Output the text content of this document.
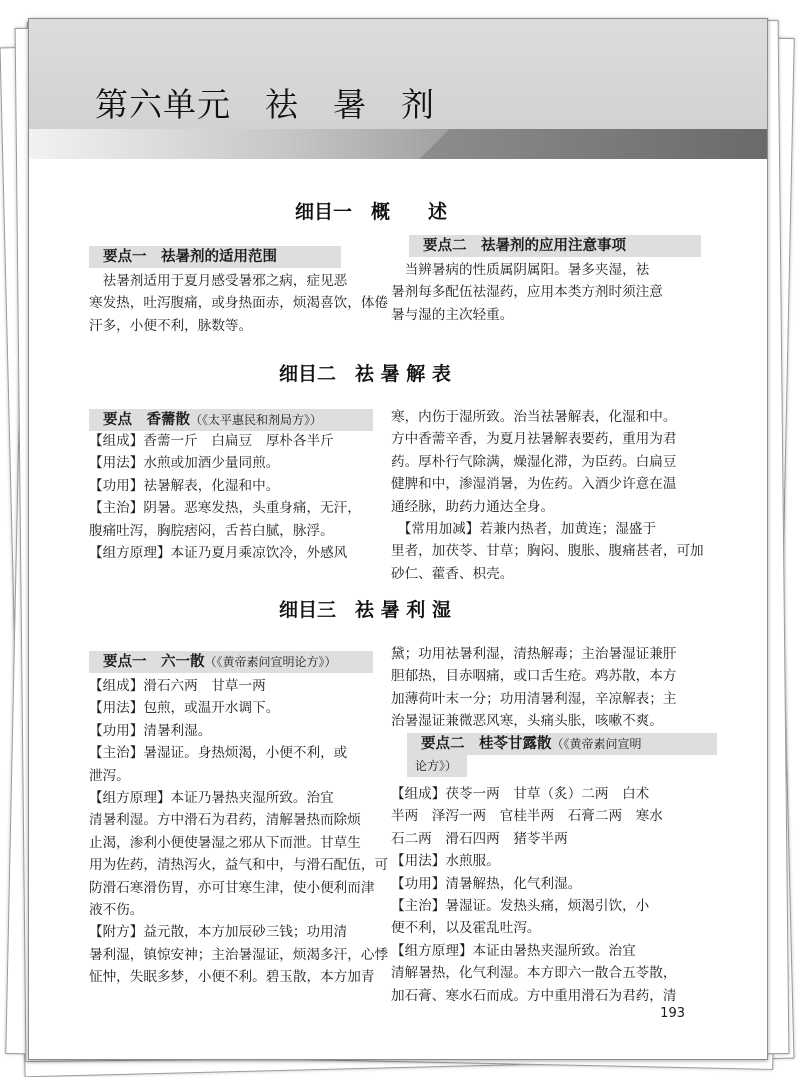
第六单元　祛　暑　剂
细目一　概　　述
要点一　祛暑剂的适用范围

　祛暑剂适用于夏月感受暑邪之病，症见恶

寒发热，吐泻腹痛，或身热面赤，烦渴喜饮，体倦

汗多，小便不利，脉数等。

要点二　祛暑剂的应用注意事项

　当辨暑病的性质属阴属阳。暑多夹湿，祛

暑剂每多配伍祛湿药，应用本类方剂时须注意

暑与湿的主次轻重。

细目二　祛 暑 解 表
要点　香薷散（《太平惠民和剂局方》）

【组成】香薷一斤　白扁豆　厚朴各半斤

【用法】水煎或加酒少量同煎。

【功用】祛暑解表，化湿和中。

【主治】阴暑。恶寒发热，头重身痛，无汗，

腹痛吐泻，胸脘痞闷，舌苔白腻，脉浮。

【组方原理】本证乃夏月乘凉饮冷，外感风

寒，内伤于湿所致。治当祛暑解表，化湿和中。

方中香薷辛香，为夏月祛暑解表要药，重用为君

药。厚朴行气除满，燥湿化滞，为臣药。白扁豆

健脾和中，渗湿消暑，为佐药。入酒少许意在温

通经脉，助药力通达全身。

　【常用加减】若兼内热者，加黄连；湿盛于

里者，加茯苓、甘草；胸闷、腹胀、腹痛甚者，可加

砂仁、藿香、枳壳。

细目三　祛 暑 利 湿
要点一　六一散（《黄帝素问宣明论方》）

【组成】滑石六两　甘草一两

【用法】包煎，或温开水调下。

【功用】清暑利湿。

【主治】暑湿证。身热烦渴，小便不利，或

泄泻。

【组方原理】本证乃暑热夹湿所致。治宜

清暑利湿。方中滑石为君药，清解暑热而除烦

止渴，渗利小便使暑湿之邪从下而泄。甘草生

用为佐药，清热泻火，益气和中，与滑石配伍，可

防滑石寒滑伤胃，亦可甘寒生津，使小便利而津

液不伤。

【附方】益元散，本方加辰砂三钱；功用清

暑利湿，镇惊安神；主治暑湿证，烦渴多汗，心悸

怔忡，失眠多梦，小便不利。碧玉散，本方加青

黛；功用祛暑利湿，清热解毒；主治暑湿证兼肝

胆郁热，目赤咽痛，或口舌生疮。鸡苏散，本方

加薄荷叶末一分；功用清暑利湿，辛凉解表；主

治暑湿证兼微恶风寒，头痛头胀，咳嗽不爽。

要点二　桂苓甘露散（《黄帝素问宣明
论方》）

【组成】茯苓一两　甘草（炙）二两　白术

半两　泽泻一两　官桂半两　石膏二两　寒水

石二两　滑石四两　猪苓半两

【用法】水煎服。

【功用】清暑解热，化气利湿。

【主治】暑湿证。发热头痛，烦渴引饮，小

便不利，以及霍乱吐泻。

【组方原理】本证由暑热夹湿所致。治宜

清解暑热，化气利湿。本方即六一散合五苓散，

加石膏、寒水石而成。方中重用滑石为君药，清

193
